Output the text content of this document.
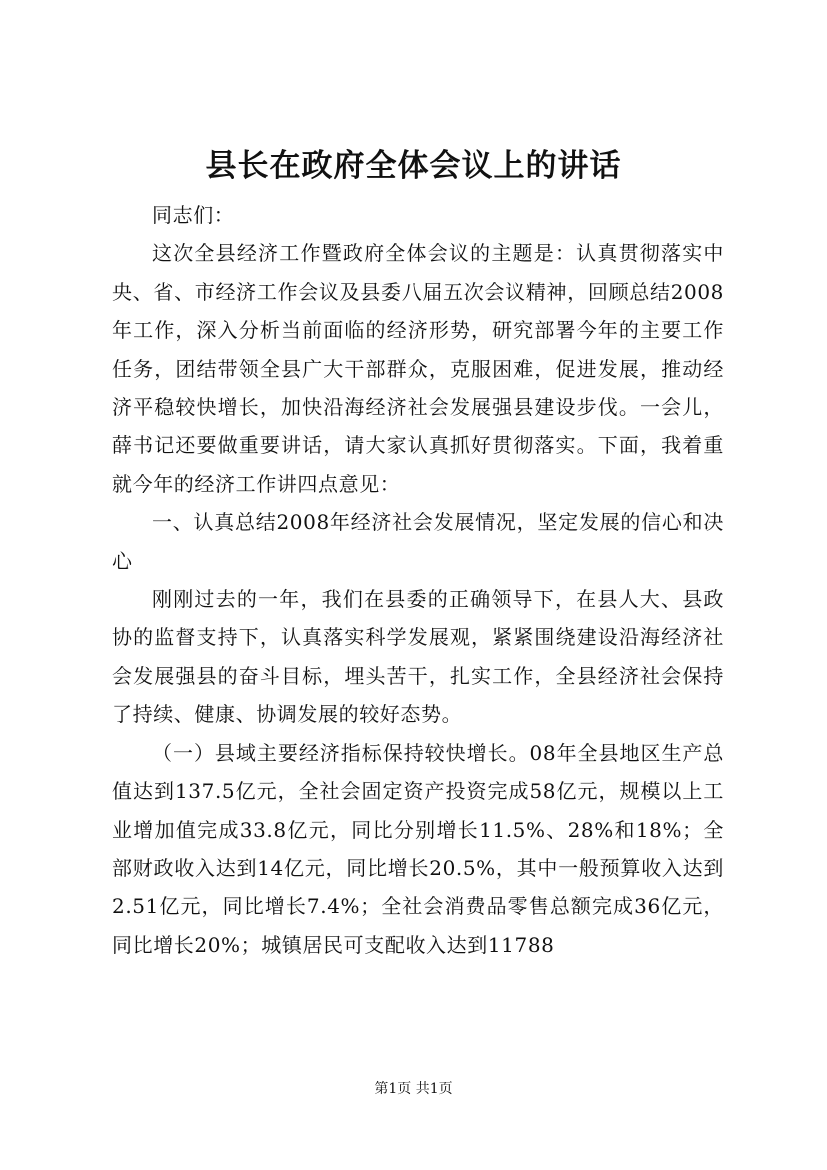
县长在政府全体会议上的讲话

同志们：

这次全县经济工作暨政府全体会议的主题是：认真贯彻落实中央、省、市经济工作会议及县委八届五次会议精神，回顾总结2008年工作，深入分析当前面临的经济形势，研究部署今年的主要工作任务，团结带领全县广大干部群众，克服困难，促进发展，推动经济平稳较快增长，加快沿海经济社会发展强县建设步伐。一会儿，薛书记还要做重要讲话，请大家认真抓好贯彻落实。下面，我着重就今年的经济工作讲四点意见：

一、认真总结2008年经济社会发展情况，坚定发展的信心和决心

刚刚过去的一年，我们在县委的正确领导下，在县人大、县政协的监督支持下，认真落实科学发展观，紧紧围绕建设沿海经济社会发展强县的奋斗目标，埋头苦干，扎实工作，全县经济社会保持了持续、健康、协调发展的较好态势。

（一）县域主要经济指标保持较快增长。08年全县地区生产总值达到137.5亿元，全社会固定资产投资完成58亿元，规模以上工业增加值完成33.8亿元，同比分别增长11.5%、28%和18%；全部财政收入达到14亿元，同比增长20.5%，其中一般预算收入达到2.51亿元，同比增长7.4%；全社会消费品零售总额完成36亿元，同比增长20%；城镇居民可支配收入达到11788

第1页 共1页
